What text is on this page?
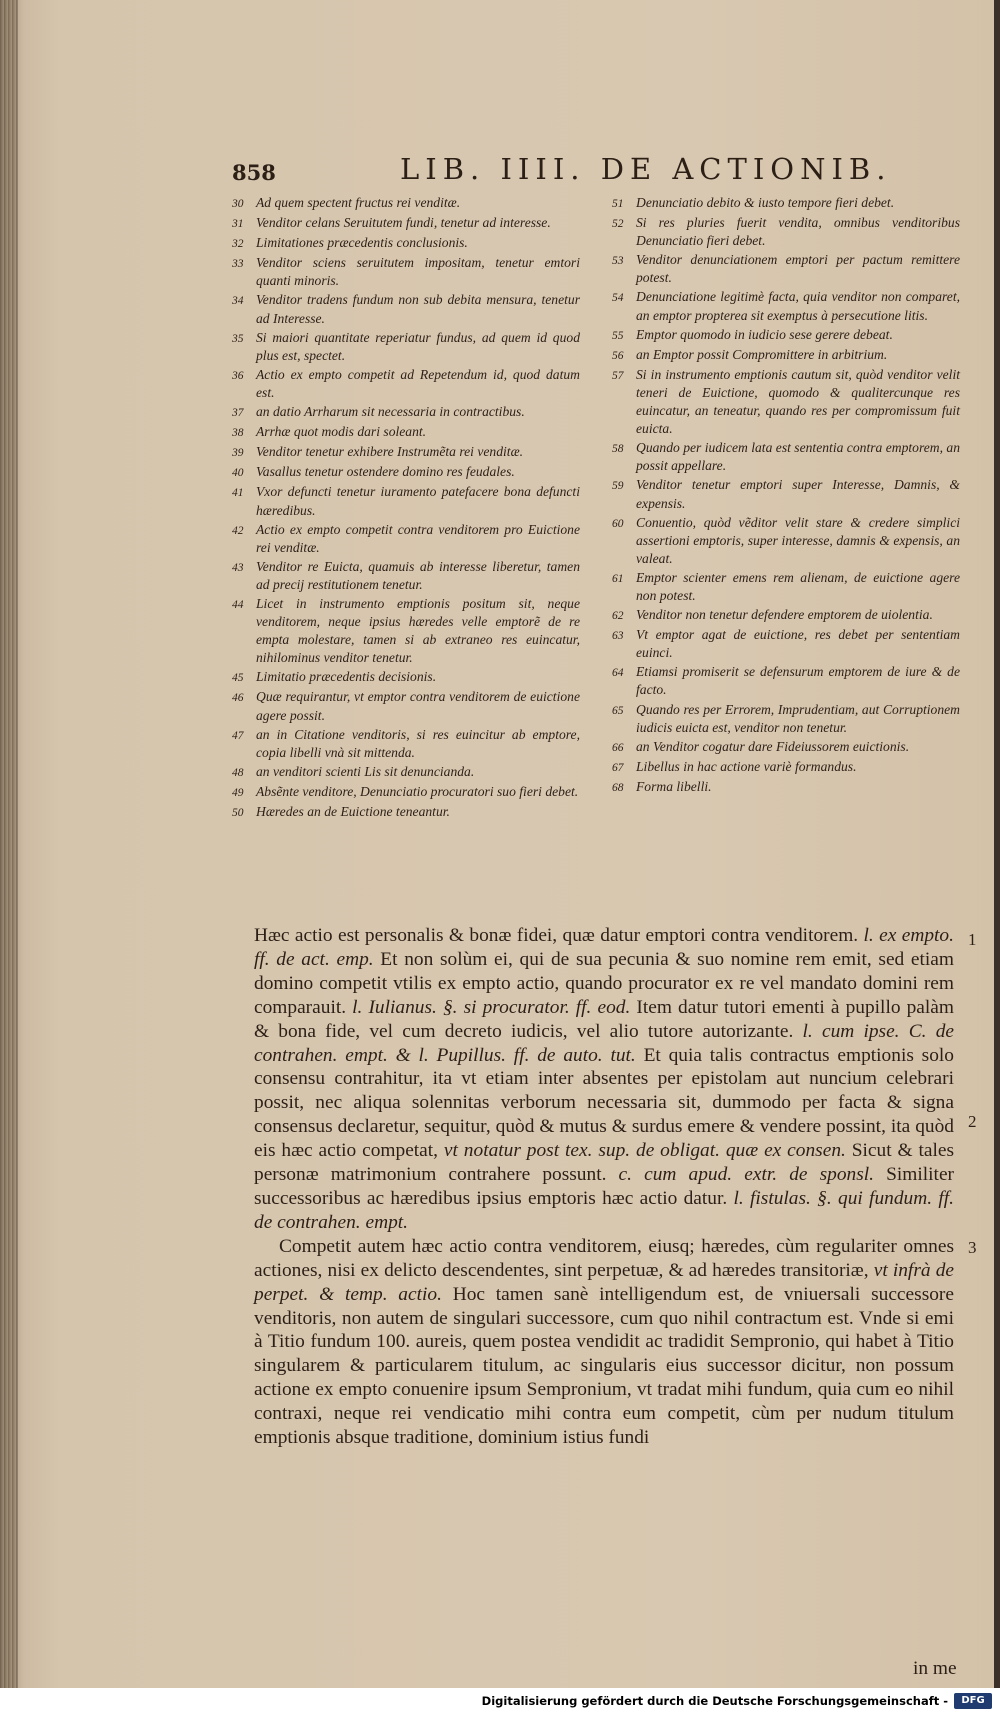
858	LIB. IIII. DE ACTIONIB.
30 Ad quem spectent fructus rei venditæ.
31 Venditor celans Seruitutem fundi, tenetur ad interesse.
32 Limitationes præcedentis conclusionis.
33 Venditor sciens seruitutem impositam, tenetur emtori quanti minoris.
34 Venditor tradens fundum non sub debita mensura, tenetur ad Interesse.
35 Si maiori quantitate reperiatur fundus, ad quem id quod plus est, spectet.
36 Actio ex empto competit ad Repetendum id, quod datum est.
37 an datio Arrharum sit necessaria in contractibus.
38 Arrhæ quot modis dari soleant.
39 Venditor tenetur exhibere Instrumẽta rei venditæ.
40 Vasallus tenetur ostendere domino res feudales.
41 Vxor defuncti tenetur iuramento patefacere bona defuncti hæredibus.
42 Actio ex empto competit contra venditorem pro Euictione rei venditæ.
43 Venditor re Euicta, quamuis ab interesse liberetur, tamen ad precij restitutionem tenetur.
44 Licet in instrumento emptionis positum sit, neque venditorem, neque ipsius hæredes velle emptorẽ de re empta molestare, tamen si ab extraneo res euincatur, nihilominus venditor tenetur.
45 Limitatio præcedentis decisionis.
46 Quæ requirantur, vt emptor contra venditorem de euictione agere possit.
47 an in Citatione venditoris, si res euincitur ab emptore, copia libelli vnà sit mittenda.
48 an venditori scienti Lis sit denuncianda.
49 Absẽnte venditore, Denunciatio procuratori suo fieri debet.
50 Hæredes an de Euictione teneantur.
51 Denunciatio debito & iusto tempore fieri debet.
52 Si res pluries fuerit vendita, omnibus venditoribus Denunciatio fieri debet.
53 Venditor denunciationem emptori per pactum remittere potest.
54 Denunciatione legitimè facta, quia venditor non comparet, an emptor propterea sit exemptus à persecutione litis.
55 Emptor quomodo in iudicio sese gerere debeat.
56 an Emptor possit Compromittere in arbitrium.
57 Si in instrumento emptionis cautum sit, quòd venditor velit teneri de Euictione, quomodo & qualitercunque res euincatur, an teneatur, quando res per compromissum fuit euicta.
58 Quando per iudicem lata est sententia contra emptorem, an possit appellare.
59 Venditor tenetur emptori super Interesse, Damnis, & expensis.
60 Conuentio, quòd vẽditor velit stare & credere simplici assertioni emptoris, super interesse, damnis & expensis, an valeat.
61 Emptor scienter emens rem alienam, de euictione agere non potest.
62 Venditor non tenetur defendere emptorem de uiolentia.
63 Vt emptor agat de euictione, res debet per sententiam euinci.
64 Etiamsi promiserit se defensurum emptorem de iure & de facto.
65 Quando res per Errorem, Imprudentiam, aut Corruptionem iudicis euicta est, venditor non tenetur.
66 an Venditor cogatur dare Fideiussorem euictionis.
67 Libellus in hac actione variè formandus.
68 Forma libelli.

Hæc actio est personalis & bonæ fidei, quæ datur emptori contra venditorem. l. ex empto. ff. de act. emp. Et non solùm ei, qui de sua pecunia & suo nomine rem emit, sed etiam domino competit vtilis ex empto actio, quando procurator ex re vel mandato domini rem comparauit. l. Iulianus. §. si procurator. ff. eod. Item datur tutori ementi à pupillo palàm & bona fide, vel cum decreto iudicis, vel alio tutore autorizante. l. cum ipse. C. de contrahen. empt. & l. Pupillus. ff. de auto. tut. Et quia talis contractus emptionis solo consensu contrahitur, ita vt etiam inter absentes per epistolam aut nuncium celebrari possit, nec aliqua solennitas verborum necessaria sit, dummodo per facta & signa consensus declaretur, sequitur, quòd & mutus & surdus emere & vendere possint, ita quòd eis hæc actio competat, vt notatur post tex. sup. de obligat. quæ ex consen. Sicut & tales personæ matrimonium contrahere possunt. c. cum apud. extr. de sponsl. Similiter successoribus ac hæredibus ipsius emptoris hæc actio datur. l. fistulas. §. qui fundum. ff. de contrahen. empt.

Competit autem hæc actio contra venditorem, eiusq; hæredes, cùm regulariter omnes actiones, nisi ex delicto descendentes, sint perpetuæ, & ad hæredes transitoriæ, vt infrà de perpet. & temp. actio. Hoc tamen sanè intelligendum est, de vniuersali successore venditoris, non autem de singulari successore, cum quo nihil contractum est. Vnde si emi à Titio fundum 100. aureis, quem postea vendidit ac tradidit Sempronio, qui habet à Titio singularem & particularem titulum, ac singularis eius successor dicitur, non possum actione ex empto conuenire ipsum Sempronium, vt tradat mihi fundum, quia cum eo nihil contraxi, neque rei vendicatio mihi contra eum competit, cùm per nudum titulum emptionis absque traditione, dominium istius fundi

in me
1
2
3
Digitalisierung gefördert durch die Deutsche Forschungsgemeinschaft -	DFG
